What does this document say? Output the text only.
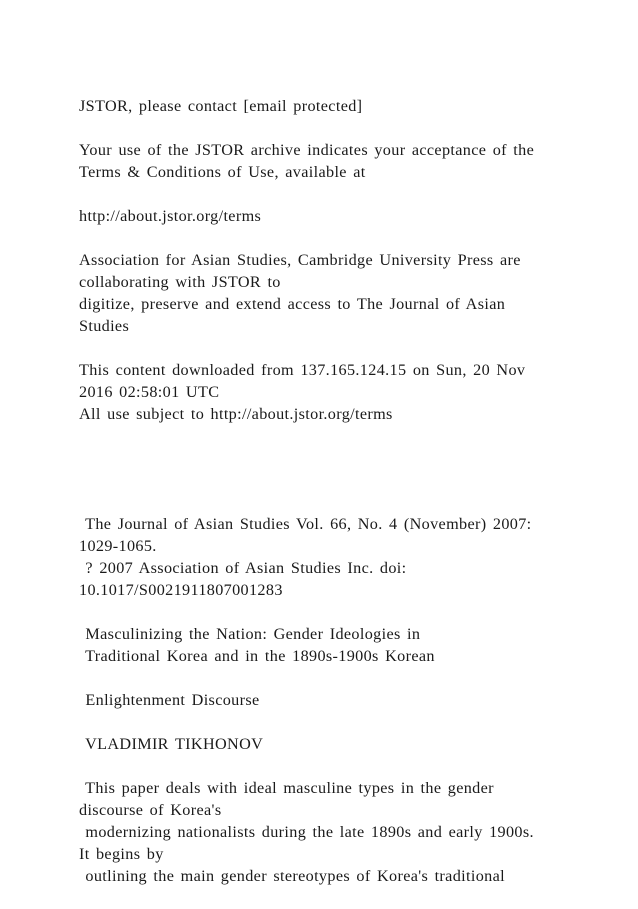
JSTOR, please contact [email protected]
Your use of the JSTOR archive indicates your acceptance of the
Terms & Conditions of Use, available at
http://about.jstor.org/terms
Association for Asian Studies, Cambridge University Press are
collaborating with JSTOR to
digitize, preserve and extend access to The Journal of Asian
Studies
This content downloaded from 137.165.124.15 on Sun, 20 Nov
2016 02:58:01 UTC
All use subject to http://about.jstor.org/terms
The Journal of Asian Studies Vol. 66, No. 4 (November) 2007:
1029-1065.
? 2007 Association of Asian Studies Inc. doi:
10.1017/S0021911807001283
Masculinizing the Nation: Gender Ideologies in
Traditional Korea and in the 1890s-1900s Korean
Enlightenment Discourse
VLADIMIR TIKHONOV
This paper deals with ideal masculine types in the gender
discourse of Korea's
modernizing nationalists during the late 1890s and early 1900s.
It begins by
outlining the main gender stereotypes of Korea's traditional
